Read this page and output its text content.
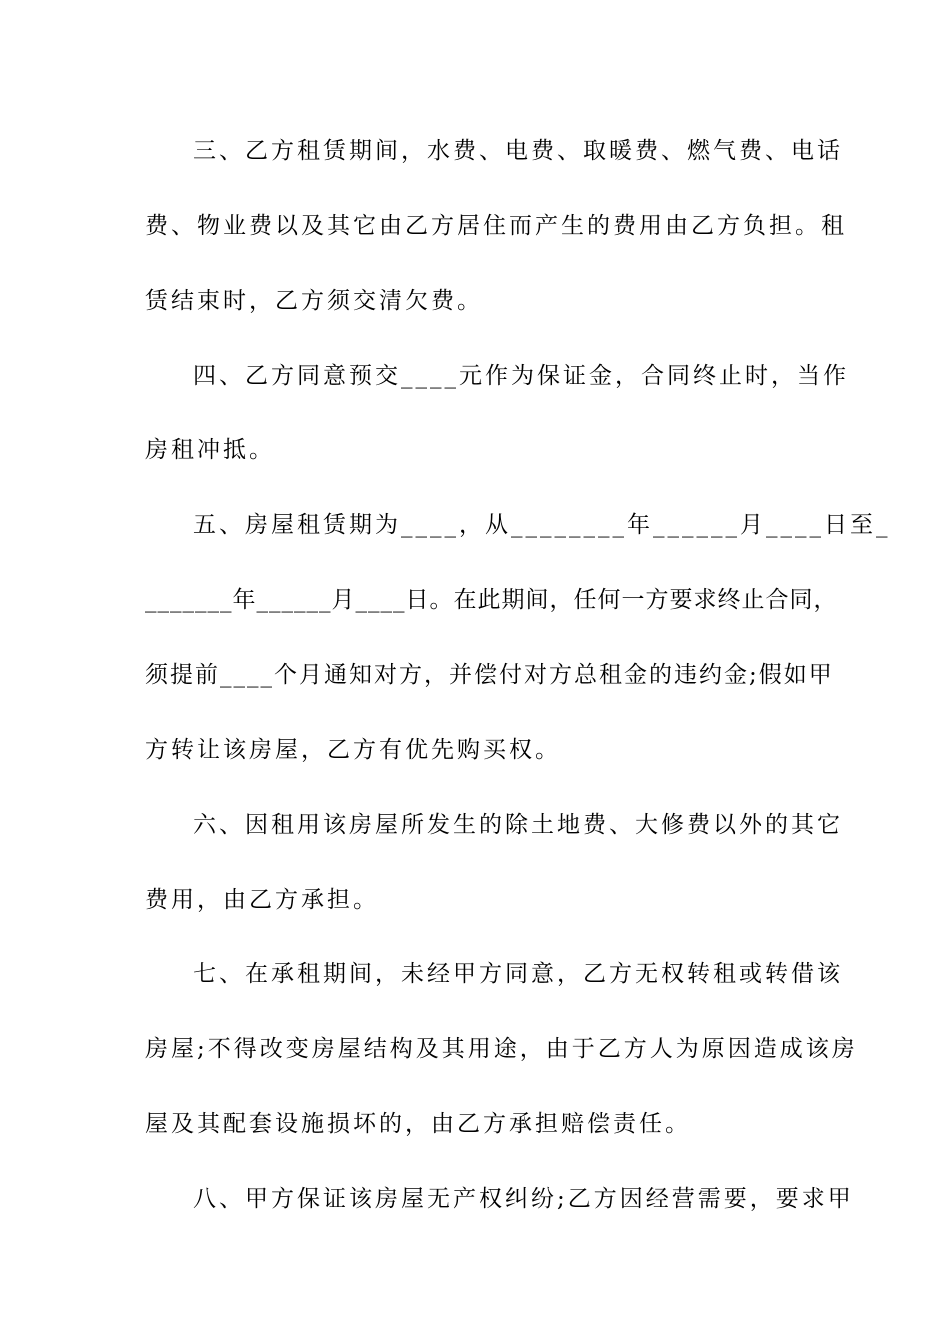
三、乙方租赁期间，水费、电费、取暖费、燃气费、电话
费、物业费以及其它由乙方居住而产生的费用由乙方负担。租
赁结束时，乙方须交清欠费。
四、乙方同意预交____元作为保证金，合同终止时，当作
房租冲抵。
五、房屋租赁期为____，从________年______月____日至_
_______年______月____日。在此期间，任何一方要求终止合同，
须提前____个月通知对方，并偿付对方总租金的违约金;假如甲
方转让该房屋，乙方有优先购买权。
六、因租用该房屋所发生的除土地费、大修费以外的其它
费用，由乙方承担。
七、在承租期间，未经甲方同意，乙方无权转租或转借该
房屋;不得改变房屋结构及其用途，由于乙方人为原因造成该房
屋及其配套设施损坏的，由乙方承担赔偿责任。
八、甲方保证该房屋无产权纠纷;乙方因经营需要，要求甲
